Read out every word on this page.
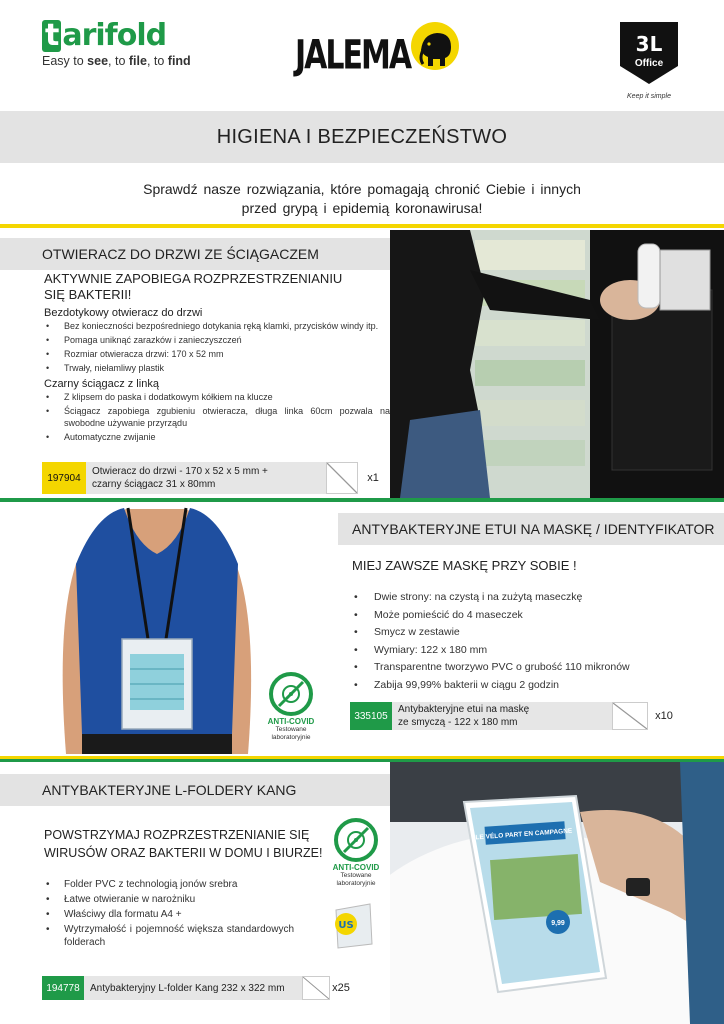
t arifold
Easy to see, to file, to find	JALEMA	3L
Office
Keep it simple
HIGIENA I BEZPIECZEŃSTWO
Sprawdź nasze rozwiązania, które pomagają chronić Ciebie i innych
przed grypą i epidemią koronawirusa!
OTWIERACZ DO DRZWI ZE ŚCIĄGACZEM
AKTYWNIE ZAPOBIEGA ROZPRZESTRZENIANIU
SIĘ BAKTERII!
Bezdotykowy otwieracz do drzwi
• Bez konieczności bezpośredniego dotykania ręką klamki, przycisków windy itp.
• Pomaga uniknąć zarazków i zanieczyszczeń
• Rozmiar otwieracza drzwi: 170 x 52 mm
• Trwały, niełamliwy plastik
Czarny ściągacz z linką
• Z klipsem do paska i dodatkowym kółkiem na klucze
• Ściągacz zapobiega zgubieniu otwieracza, długa linka 60cm pozwala na swobodne używanie przyrządu
• Automatyczne zwijanie
197904
Otwieracz do drzwi - 170 x 52 x 5 mm +
czarny ściągacz 31 x 80mm
x1
ANTYBAKTERYJNE ETUI NA MASKĘ / IDENTYFIKATOR
MIEJ ZAWSZE MASKĘ PRZY SOBIE !
• Dwie strony: na czystą i na zużytą maseczkę
• Może pomieścić do 4 maseczek
• Smycz w zestawie
• Wymiary: 122 x 180 mm
• Transparentne tworzywo PVC o grubość 110 mikronów
• Zabija 99,99% bakterii w ciągu 2 godzin
ANTI-COVID
Testowane
laboratoryjnie
335105
Antybakteryjne etui na maskę
ze smyczą - 122 x 180 mm
x10
ANTYBAKTERYJNE L-FOLDERY KANG
LE VÉLO PART EN CAMPAGNE
9,99
POWSTRZYMAJ ROZPRZESTRZENIANIE SIĘ
WIRUSÓW ORAZ BAKTERII W DOMU I BIURZE!
• Folder PVC z technologią jonów srebra
• Łatwe otwieranie w narożniku
• Właściwy dla formatu A4 +
• Wytrzymałość i pojemność większa standardowych folderach
ANTI-COVID
Testowane
laboratoryjnie
US
194778	Antybakteryjny L-folder Kang 232 x 322 mm	x25
